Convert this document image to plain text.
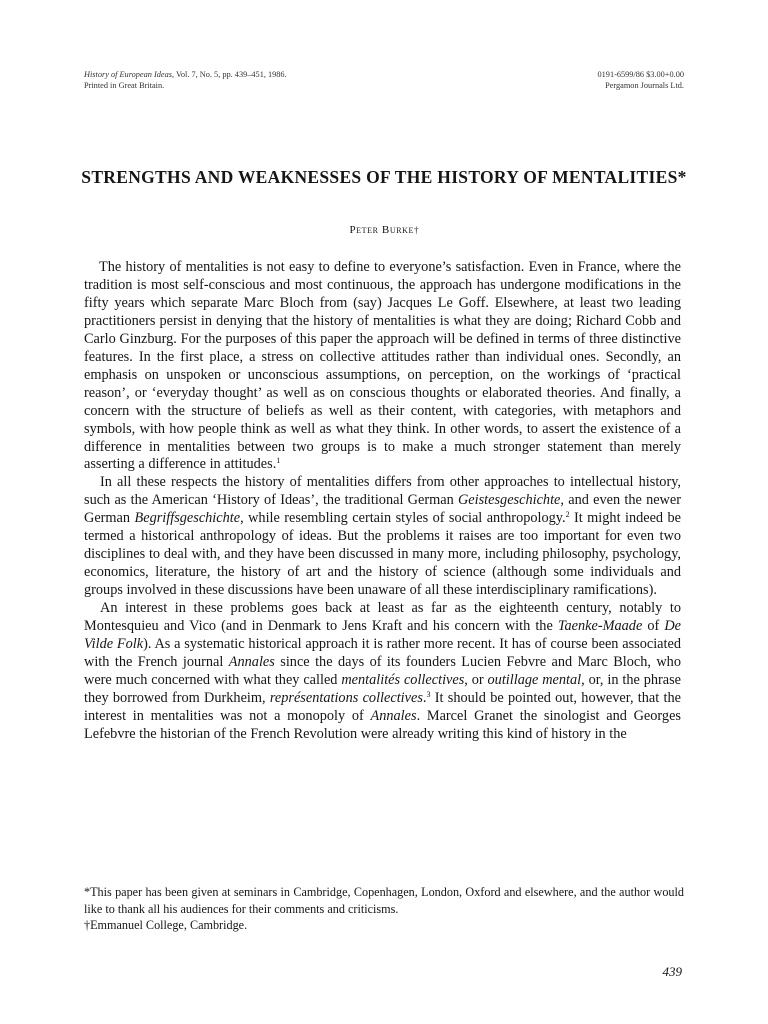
History of European Ideas, Vol. 7, No. 5, pp. 439–451, 1986.
Printed in Great Britain.
0191-6599/86 $3.00+0.00
Pergamon Journals Ltd.
STRENGTHS AND WEAKNESSES OF THE HISTORY OF MENTALITIES*
Peter Burke†

The history of mentalities is not easy to define to everyone’s satisfaction. Even in France, where the tradition is most self-conscious and most continuous, the approach has undergone modifications in the fifty years which separate Marc Bloch from (say) Jacques Le Goff. Elsewhere, at least two leading practitioners persist in denying that the history of mentalities is what they are doing; Richard Cobb and Carlo Ginzburg. For the purposes of this paper the approach will be defined in terms of three distinctive features. In the first place, a stress on collective attitudes rather than individual ones. Secondly, an emphasis on unspoken or unconscious assumptions, on perception, on the workings of ‘practical reason’, or ‘everyday thought’ as well as on conscious thoughts or elaborated theories. And finally, a concern with the structure of beliefs as well as their content, with categories, with metaphors and symbols, with how people think as well as what they think. In other words, to assert the existence of a difference in mentalities between two groups is to make a much stronger statement than merely asserting a difference in attitudes.$^1$

In all these respects the history of mentalities differs from other approaches to intellectual history, such as the American ‘History of Ideas’, the traditional German Geistesgeschichte, and even the newer German Begriffsgeschichte, while resembling certain styles of social anthropology.$^2$ It might indeed be termed a historical anthropology of ideas. But the problems it raises are too important for even two disciplines to deal with, and they have been discussed in many more, including philosophy, psychology, economics, literature, the history of art and the history of science (although some individuals and groups involved in these discussions have been unaware of all these interdisciplinary ramifications).

An interest in these problems goes back at least as far as the eighteenth century, notably to Montesquieu and Vico (and in Denmark to Jens Kraft and his concern with the Taenke-Maade of De Vilde Folk). As a systematic historical approach it is rather more recent. It has of course been associated with the French journal Annales since the days of its founders Lucien Febvre and Marc Bloch, who were much concerned with what they called mentalités collectives, or outillage mental, or, in the phrase they borrowed from Durkheim, représentations collectives.$^3$ It should be pointed out, however, that the interest in mentalities was not a monopoly of Annales. Marcel Granet the sinologist and Georges Lefebvre the historian of the French Revolution were already writing this kind of history in the

*This paper has been given at seminars in Cambridge, Copenhagen, London, Oxford and elsewhere, and the author would like to thank all his audiences for their comments and criticisms.

†Emmanuel College, Cambridge.

439
